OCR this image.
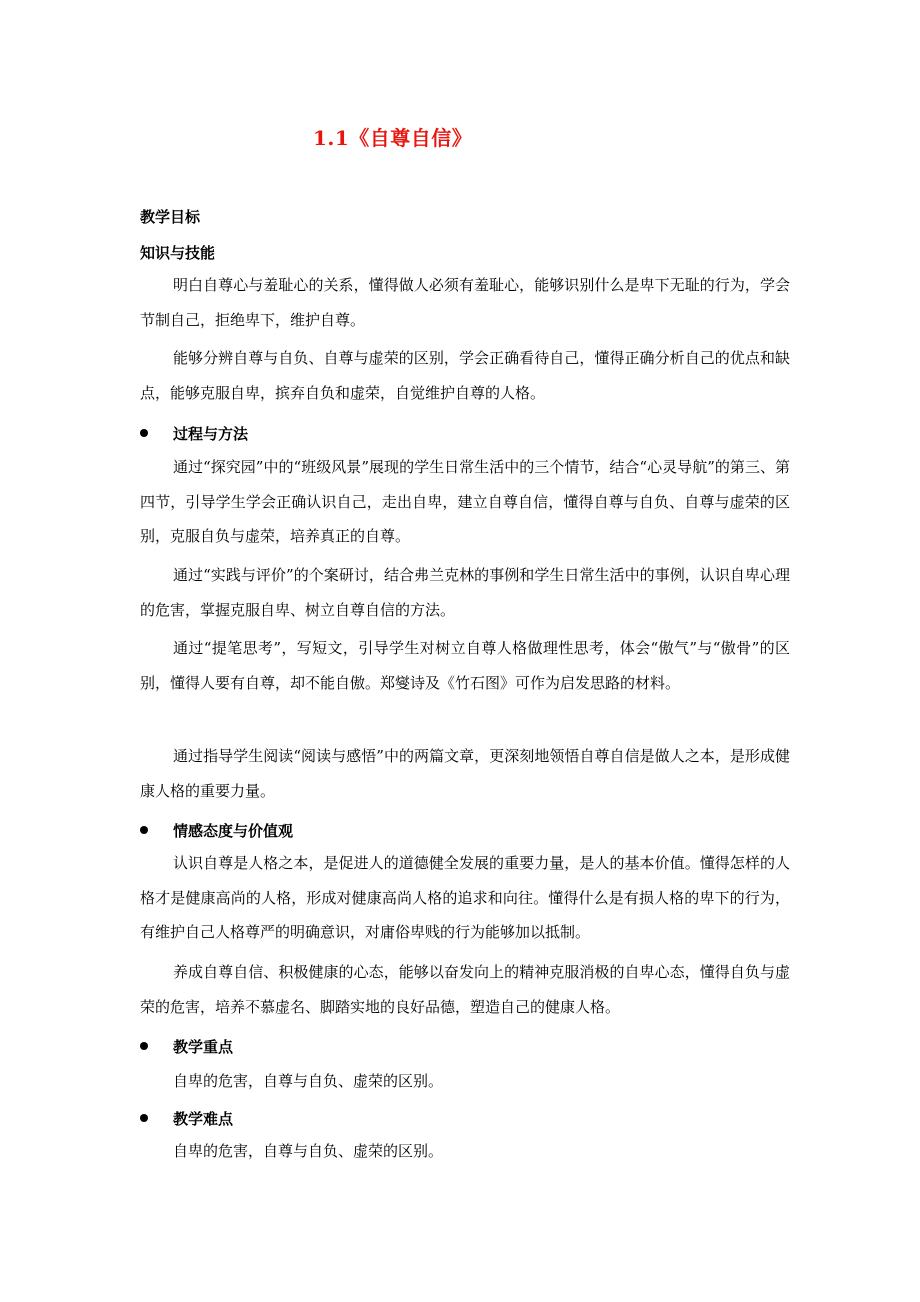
1.1《自尊自信》
教学目标
知识与技能

明白自尊心与羞耻心的关系，懂得做人必须有羞耻心，能够识别什么是卑下无耻的行为，学会节制自己，拒绝卑下，维护自尊。

能够分辨自尊与自负、自尊与虚荣的区别，学会正确看待自己，懂得正确分析自己的优点和缺点，能够克服自卑，摈弃自负和虚荣，自觉维护自尊的人格。

过程与方法

通过“探究园”中的“班级风景”展现的学生日常生活中的三个情节，结合“心灵导航”的第三、第四节，引导学生学会正确认识自己，走出自卑，建立自尊自信，懂得自尊与自负、自尊与虚荣的区别，克服自负与虚荣，培养真正的自尊。

通过“实践与评价”的个案研讨，结合弗兰克林的事例和学生日常生活中的事例，认识自卑心理的危害，掌握克服自卑、树立自尊自信的方法。

通过“提笔思考”，写短文，引导学生对树立自尊人格做理性思考，体会“傲气”与“傲骨”的区别，懂得人要有自尊，却不能自傲。郑燮诗及《竹石图》可作为启发思路的材料。

通过指导学生阅读“阅读与感悟”中的两篇文章，更深刻地领悟自尊自信是做人之本，是形成健康人格的重要力量。

情感态度与价值观

认识自尊是人格之本，是促进人的道德健全发展的重要力量，是人的基本价值。懂得怎样的人格才是健康高尚的人格，形成对健康高尚人格的追求和向往。懂得什么是有损人格的卑下的行为，有维护自己人格尊严的明确意识，对庸俗卑贱的行为能够加以抵制。

养成自尊自信、积极健康的心态，能够以奋发向上的精神克服消极的自卑心态，懂得自负与虚荣的危害，培养不慕虚名、脚踏实地的良好品德，塑造自己的健康人格。

教学重点

自卑的危害，自尊与自负、虚荣的区别。

教学难点

自卑的危害，自尊与自负、虚荣的区别。
